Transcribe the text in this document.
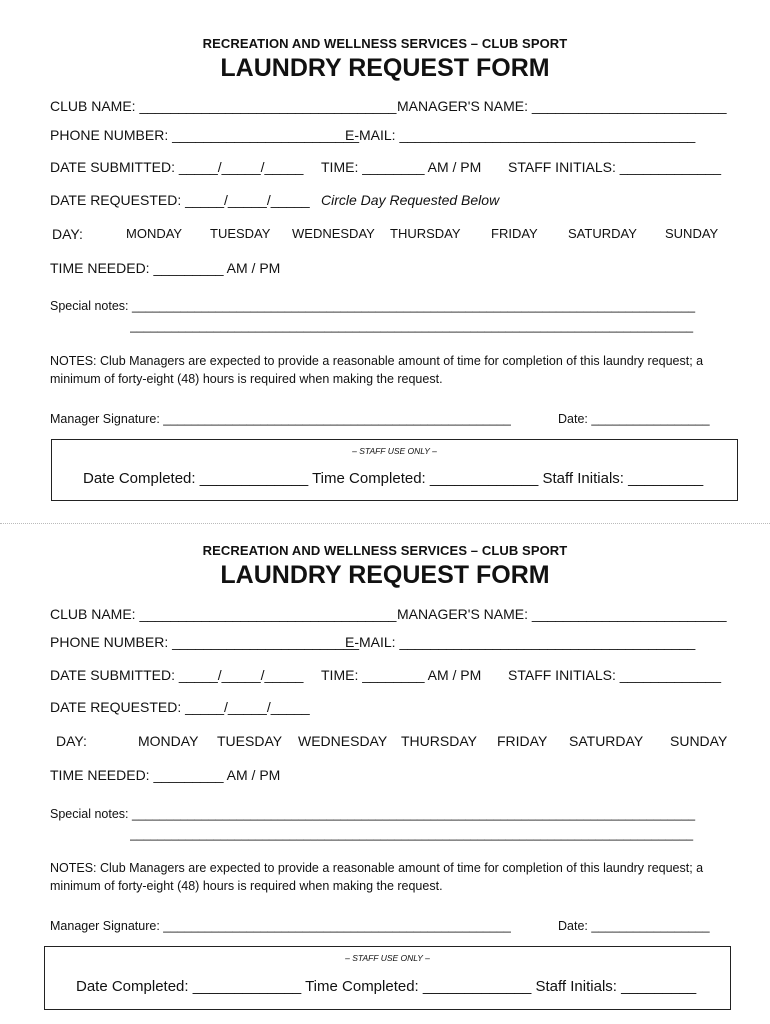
RECREATION AND WELLNESS SERVICES – CLUB SPORT
LAUNDRY REQUEST FORM
CLUB NAME: _________________________________ MANAGER'S NAME: _________________________
PHONE NUMBER: ________________________
E-MAIL: ______________________________________
DATE SUBMITTED: _____/_____/_____ TIME: ________ AM / PM STAFF INITIALS: _____________
DATE REQUESTED: _____/_____/_____ Circle Day Requested Below
DAY:	MONDAY TUESDAY WEDNESDAY THURSDAY FRIDAY SATURDAY SUNDAY
TIME NEEDED: _________ AM / PM
Special notes: _________________________________________________________________________________
_________________________________________________________________________________
NOTES: Club Managers are expected to provide a reasonable amount of time for completion of this laundry request; a minimum of forty-eight (48) hours is required when making the request.
Manager Signature: __________________________________________________	Date: _________________
– STAFF USE ONLY –
Date Completed: _____________ Time Completed: _____________ Staff Initials: _________
RECREATION AND WELLNESS SERVICES – CLUB SPORT
LAUNDRY REQUEST FORM
CLUB NAME: _________________________________ MANAGER'S NAME: _________________________
PHONE NUMBER: ________________________
E-MAIL: ______________________________________
DATE SUBMITTED: _____/_____/_____ TIME: ________ AM / PM STAFF INITIALS: _____________
DATE REQUESTED: _____/_____/_____
DAY:	MONDAY TUESDAY WEDNESDAY THURSDAY FRIDAY SATURDAY SUNDAY
TIME NEEDED: _________ AM / PM
Special notes: _________________________________________________________________________________
_________________________________________________________________________________
NOTES: Club Managers are expected to provide a reasonable amount of time for completion of this laundry request; a minimum of forty-eight (48) hours is required when making the request.
Manager Signature: __________________________________________________	Date: _________________
– STAFF USE ONLY –
Date Completed: _____________ Time Completed: _____________ Staff Initials: _________
